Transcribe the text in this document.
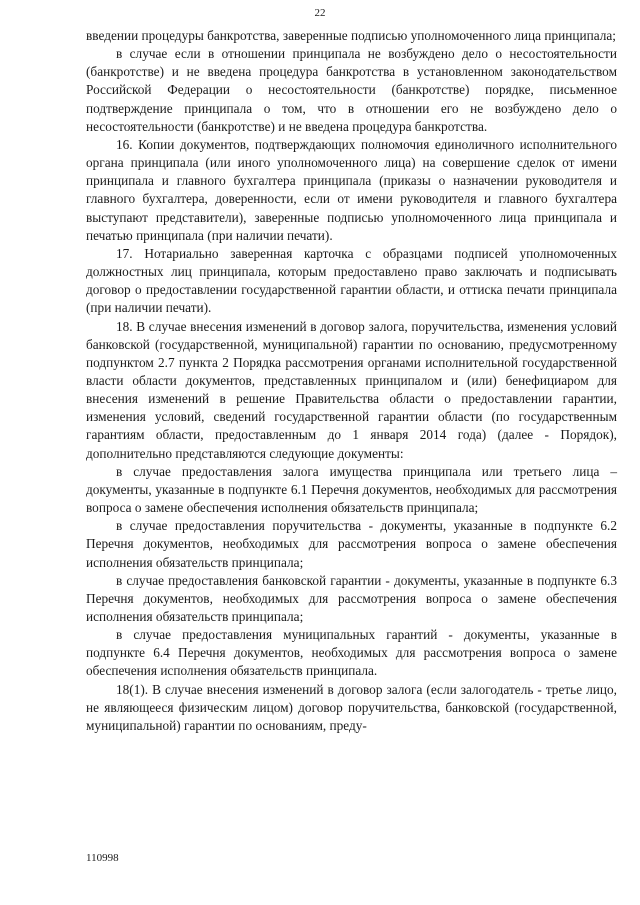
22

введении процедуры банкротства, заверенные подписью уполномоченного лица принципала;

в случае если в отношении принципала не возбуждено дело о несостоятельности (банкротстве) и не введена процедура банкротства в установленном законодательством Российской Федерации о несостоятельности (банкротстве) порядке, письменное подтверждение принципала о том, что в отношении его не возбуждено дело о несостоятельности (банкротстве) и не введена процедура банкротства.

16. Копии документов, подтверждающих полномочия единоличного исполнительного органа принципала (или иного уполномоченного лица) на совершение сделок от имени принципала и главного бухгалтера принципала (приказы о назначении руководителя и главного бухгалтера, доверенности, если от имени руководителя и главного бухгалтера выступают представители), заверенные подписью уполномоченного лица принципала и печатью принципала (при наличии печати).

17. Нотариально заверенная карточка с образцами подписей уполномоченных должностных лиц принципала, которым предоставлено право заключать и подписывать договор о предоставлении государственной гарантии области, и оттиска печати принципала (при наличии печати).

18. В случае внесения изменений в договор залога, поручительства, изменения условий банковской (государственной, муниципальной) гарантии по основанию, предусмотренному подпунктом 2.7 пункта 2 Порядка рассмотрения органами исполнительной государственной власти области документов, представленных принципалом и (или) бенефициаром для внесения изменений в решение Правительства области о предоставлении гарантии, изменения условий, сведений государственной гарантии области (по государственным гарантиям области, предоставленным до 1 января 2014 года) (далее - Порядок), дополнительно представляются следующие документы:

в случае предоставления залога имущества принципала или третьего лица – документы, указанные в подпункте 6.1 Перечня документов, необходимых для рассмотрения вопроса о замене обеспечения исполнения обязательств принципала;

в случае предоставления поручительства - документы, указанные в подпункте 6.2 Перечня документов, необходимых для рассмотрения вопроса о замене обеспечения исполнения обязательств принципала;

в случае предоставления банковской гарантии - документы, указанные в подпункте 6.3 Перечня документов, необходимых для рассмотрения вопроса о замене обеспечения исполнения обязательств принципала;

в случае предоставления муниципальных гарантий - документы, указанные в подпункте 6.4 Перечня документов, необходимых для рассмотрения вопроса о замене обеспечения исполнения обязательств принципала.

18(1). В случае внесения изменений в договор залога (если залогодатель - третье лицо, не являющееся физическим лицом) договор поручительства, банковской (государственной, муниципальной) гарантии по основаниям, преду-

110998
